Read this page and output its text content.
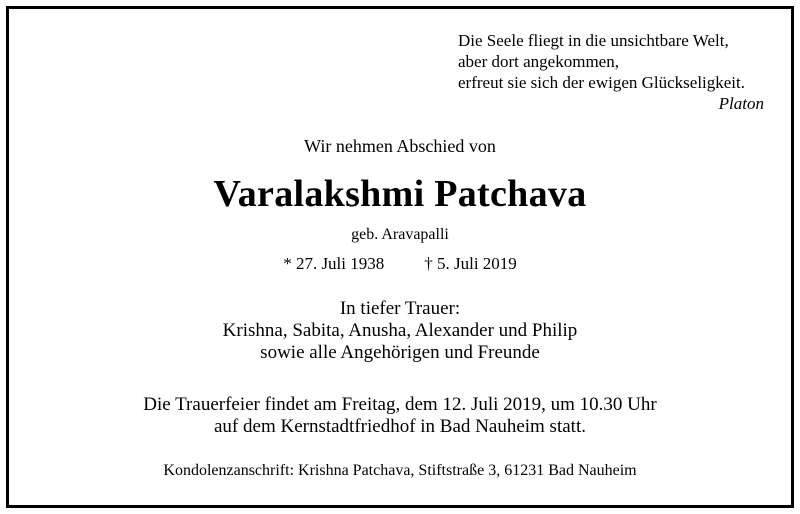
Die Seele fliegt in die unsichtbare Welt,
aber dort angekommen,
erfreut sie sich der ewigen Glückseligkeit.
Platon
Wir nehmen Abschied von
Varalakshmi Patchava
geb. Aravapalli
* 27. Juli 1938 † 5. Juli 2019
In tiefer Trauer:
Krishna, Sabita, Anusha, Alexander und Philip
sowie alle Angehörigen und Freunde
Die Trauerfeier findet am Freitag, dem 12. Juli 2019, um 10.30 Uhr
auf dem Kernstadtfriedhof in Bad Nauheim statt.
Kondolenzanschrift: Krishna Patchava, Stiftstraße 3, 61231 Bad Nauheim
